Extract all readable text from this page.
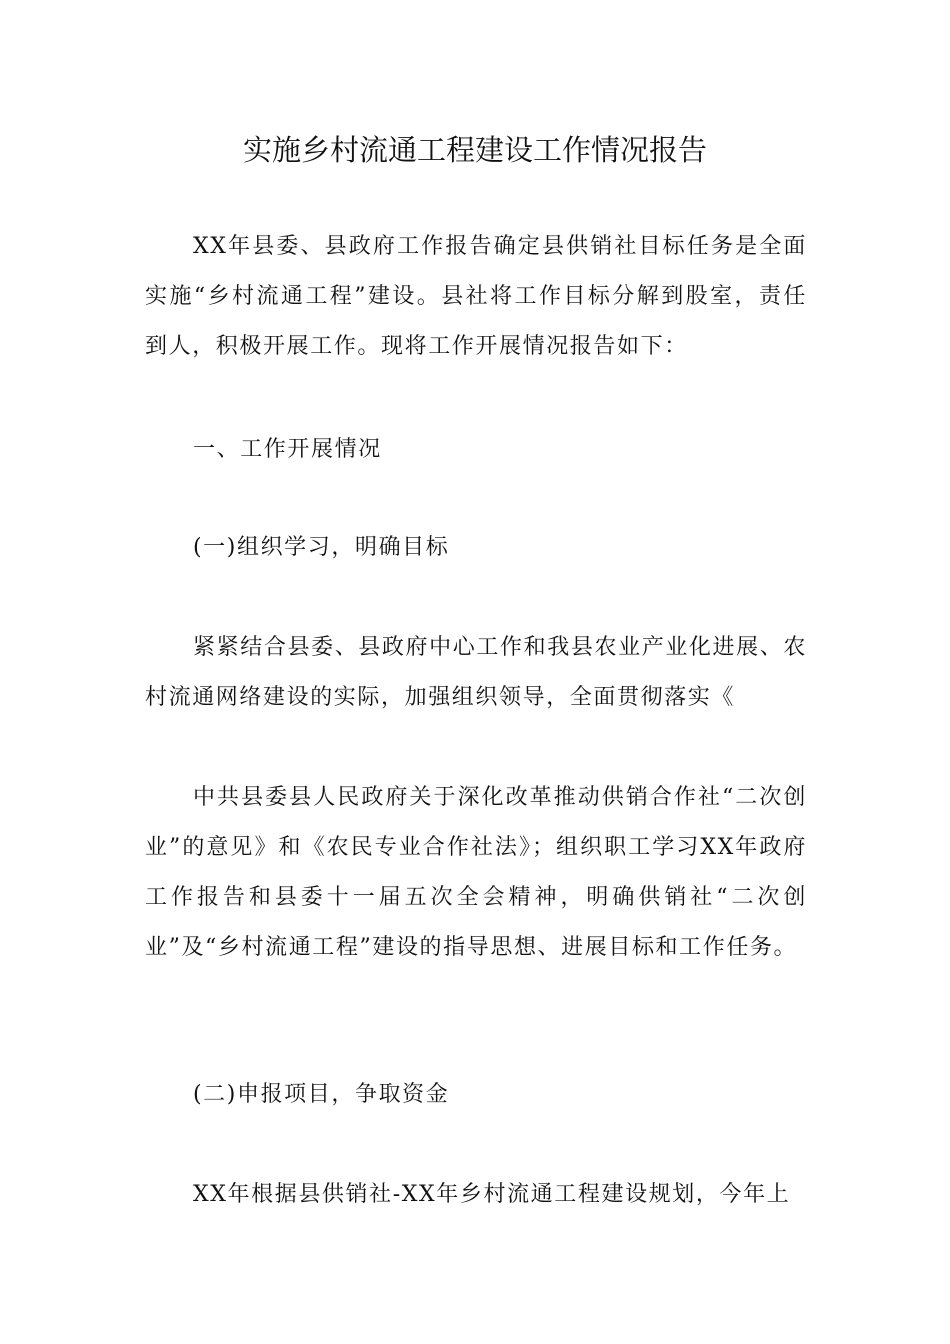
实施乡村流通工程建设工作情况报告

XX年县委、县政府工作报告确定县供销社目标任务是全面实施“乡村流通工程”建设。县社将工作目标分解到股室，责任到人，积极开展工作。现将工作开展情况报告如下：

一、工作开展情况

(一)组织学习，明确目标

紧紧结合县委、县政府中心工作和我县农业产业化进展、农村流通网络建设的实际，加强组织领导，全面贯彻落实《

中共县委县人民政府关于深化改革推动供销合作社“二次创业”的意见》和《农民专业合作社法》；组织职工学习XX年政府工作报告和县委十一届五次全会精神，明确供销社“二次创业”及“乡村流通工程”建设的指导思想、进展目标和工作任务。

(二)申报项目，争取资金

XX年根据县供销社-XX年乡村流通工程建设规划，今年上
